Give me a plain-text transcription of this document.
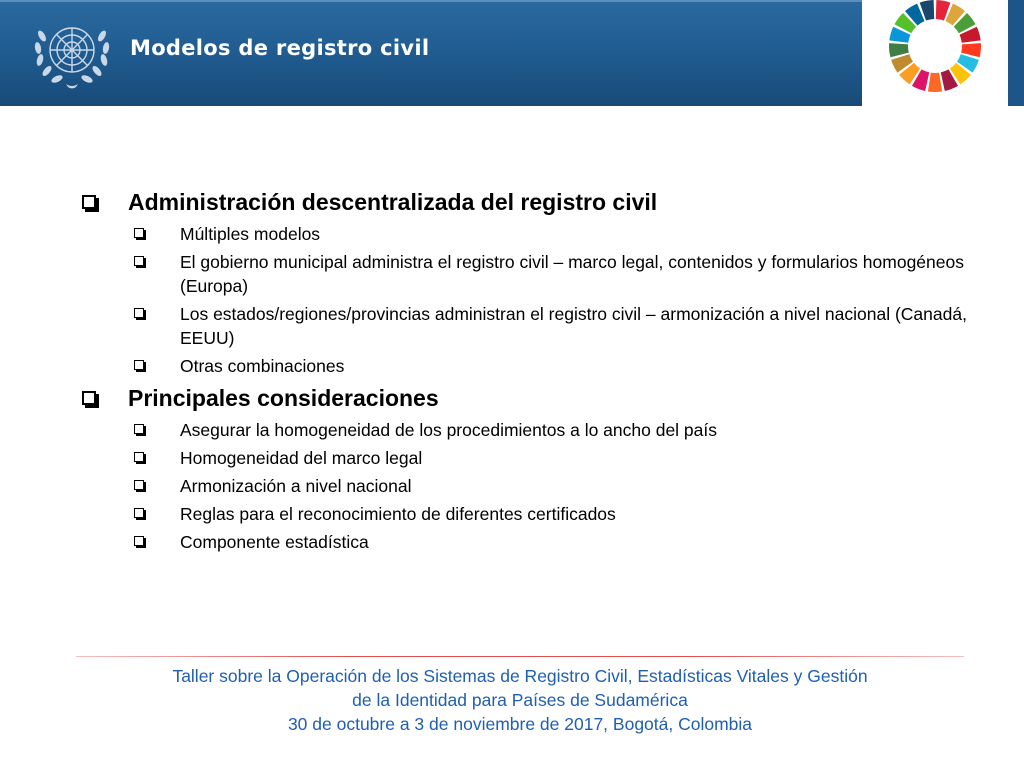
Modelos de registro civil
Administración descentralizada del registro civil
Múltiples modelos
El gobierno municipal administra el registro civil – marco legal, contenidos y formularios homogéneos (Europa)
Los estados/regiones/provincias administran el registro civil – armonización a nivel nacional (Canadá, EEUU)
Otras combinaciones
Principales consideraciones
Asegurar la homogeneidad de los procedimientos a lo ancho del país
Homogeneidad del marco legal
Armonización a nivel nacional
Reglas para el reconocimiento de diferentes certificados
Componente estadística
Taller sobre la Operación de los Sistemas de Registro Civil, Estadísticas Vitales y Gestión
de la Identidad para Países de Sudamérica
30 de octubre a 3 de noviembre de 2017, Bogotá, Colombia
